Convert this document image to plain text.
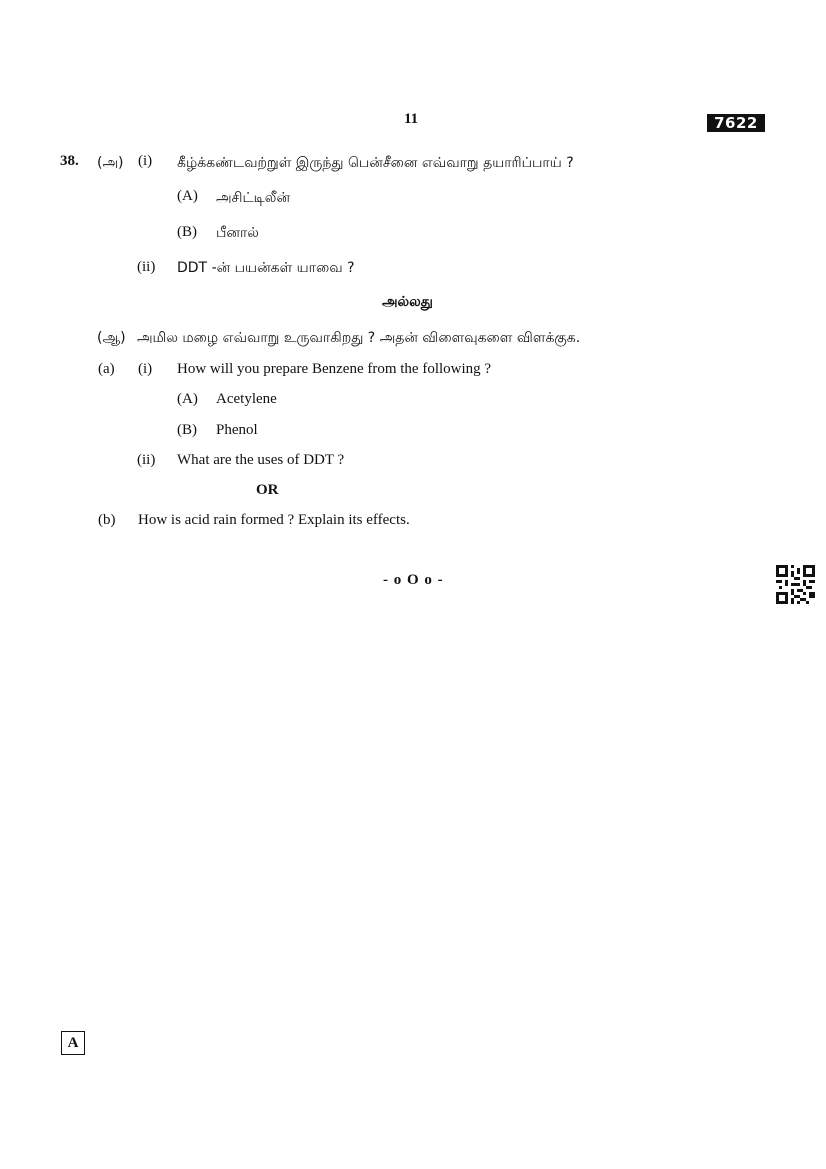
11	7622
38. (அ) (i) கீழ்க்கண்டவற்றுள் இருந்து பென்சீனை எவ்வாறு தயாரிப்பாய் ?
(A) அசிட்டிலீன்
(B) பீனால்
(ii) DDT -ன் பயன்கள் யாவை ?
அல்லது
(ஆ) அமில மழை எவ்வாறு உருவாகிறது ? அதன் விளைவுகளை விளக்குக.
(a) (i) How will you prepare Benzene from the following ?
(A) Acetylene
(B) Phenol
(ii) What are the uses of DDT ?
OR
(b) How is acid rain formed ? Explain its effects.
- o O o -
A
